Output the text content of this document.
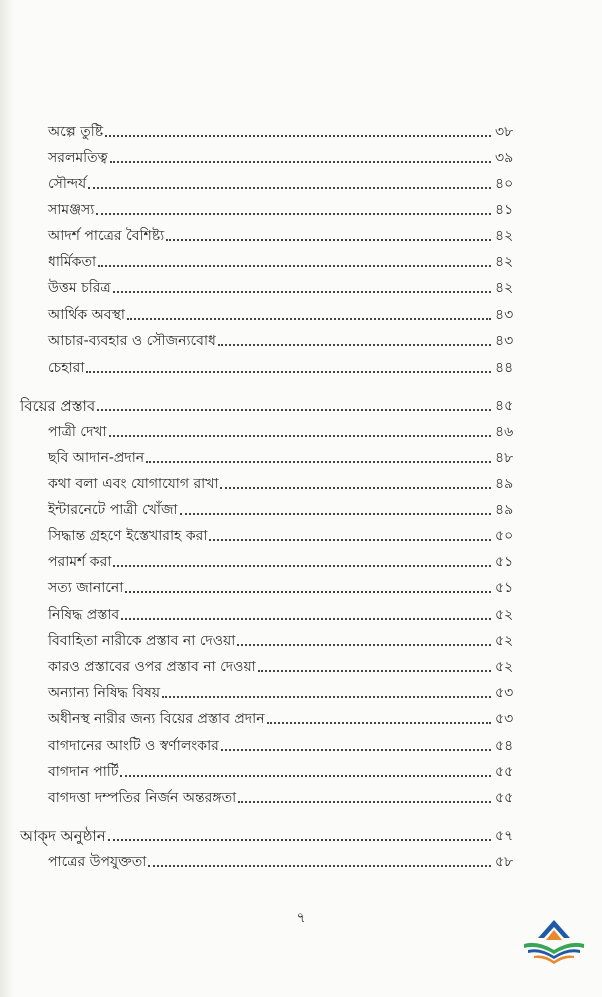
অল্পে তুষ্টি	৩৮
সরলমতিত্ব	৩৯
সৌন্দর্য	৪০
সামঞ্জস্য	৪১
আদর্শ পাত্রের বৈশিষ্ট্য	৪২
ধার্মিকতা	৪২
উত্তম চরিত্র	৪২
আর্থিক অবস্থা	৪৩
আচার-ব্যবহার ও সৌজন্যবোধ	৪৩
চেহারা	৪৪
বিয়ের প্রস্তাব	৪৫
পাত্রী দেখা	৪৬
ছবি আদান-প্রদান	৪৮
কথা বলা এবং যোগাযোগ রাখা	৪৯
ইন্টারনেটে পাত্রী খোঁজা	৪৯
সিদ্ধান্ত গ্রহণে ইস্তেখারাহ করা	৫০
পরামর্শ করা	৫১
সত্য জানানো	৫১
নিষিদ্ধ প্রস্তাব	৫২
বিবাহিতা নারীকে প্রস্তাব না দেওয়া	৫২
কারও প্রস্তাবের ওপর প্রস্তাব না দেওয়া	৫২
অন্যান্য নিষিদ্ধ বিষয়	৫৩
অধীনস্থ নারীর জন্য বিয়ের প্রস্তাব প্রদান	৫৩
বাগদানের আংটি ও স্বর্ণালংকার	৫৪
বাগদান পার্টি	৫৫
বাগদত্তা দম্পতির নির্জন অন্তরঙ্গতা	৫৫
আক্‌দ অনুষ্ঠান	৫৭
পাত্রের উপযুক্ততা	৫৮
৭
